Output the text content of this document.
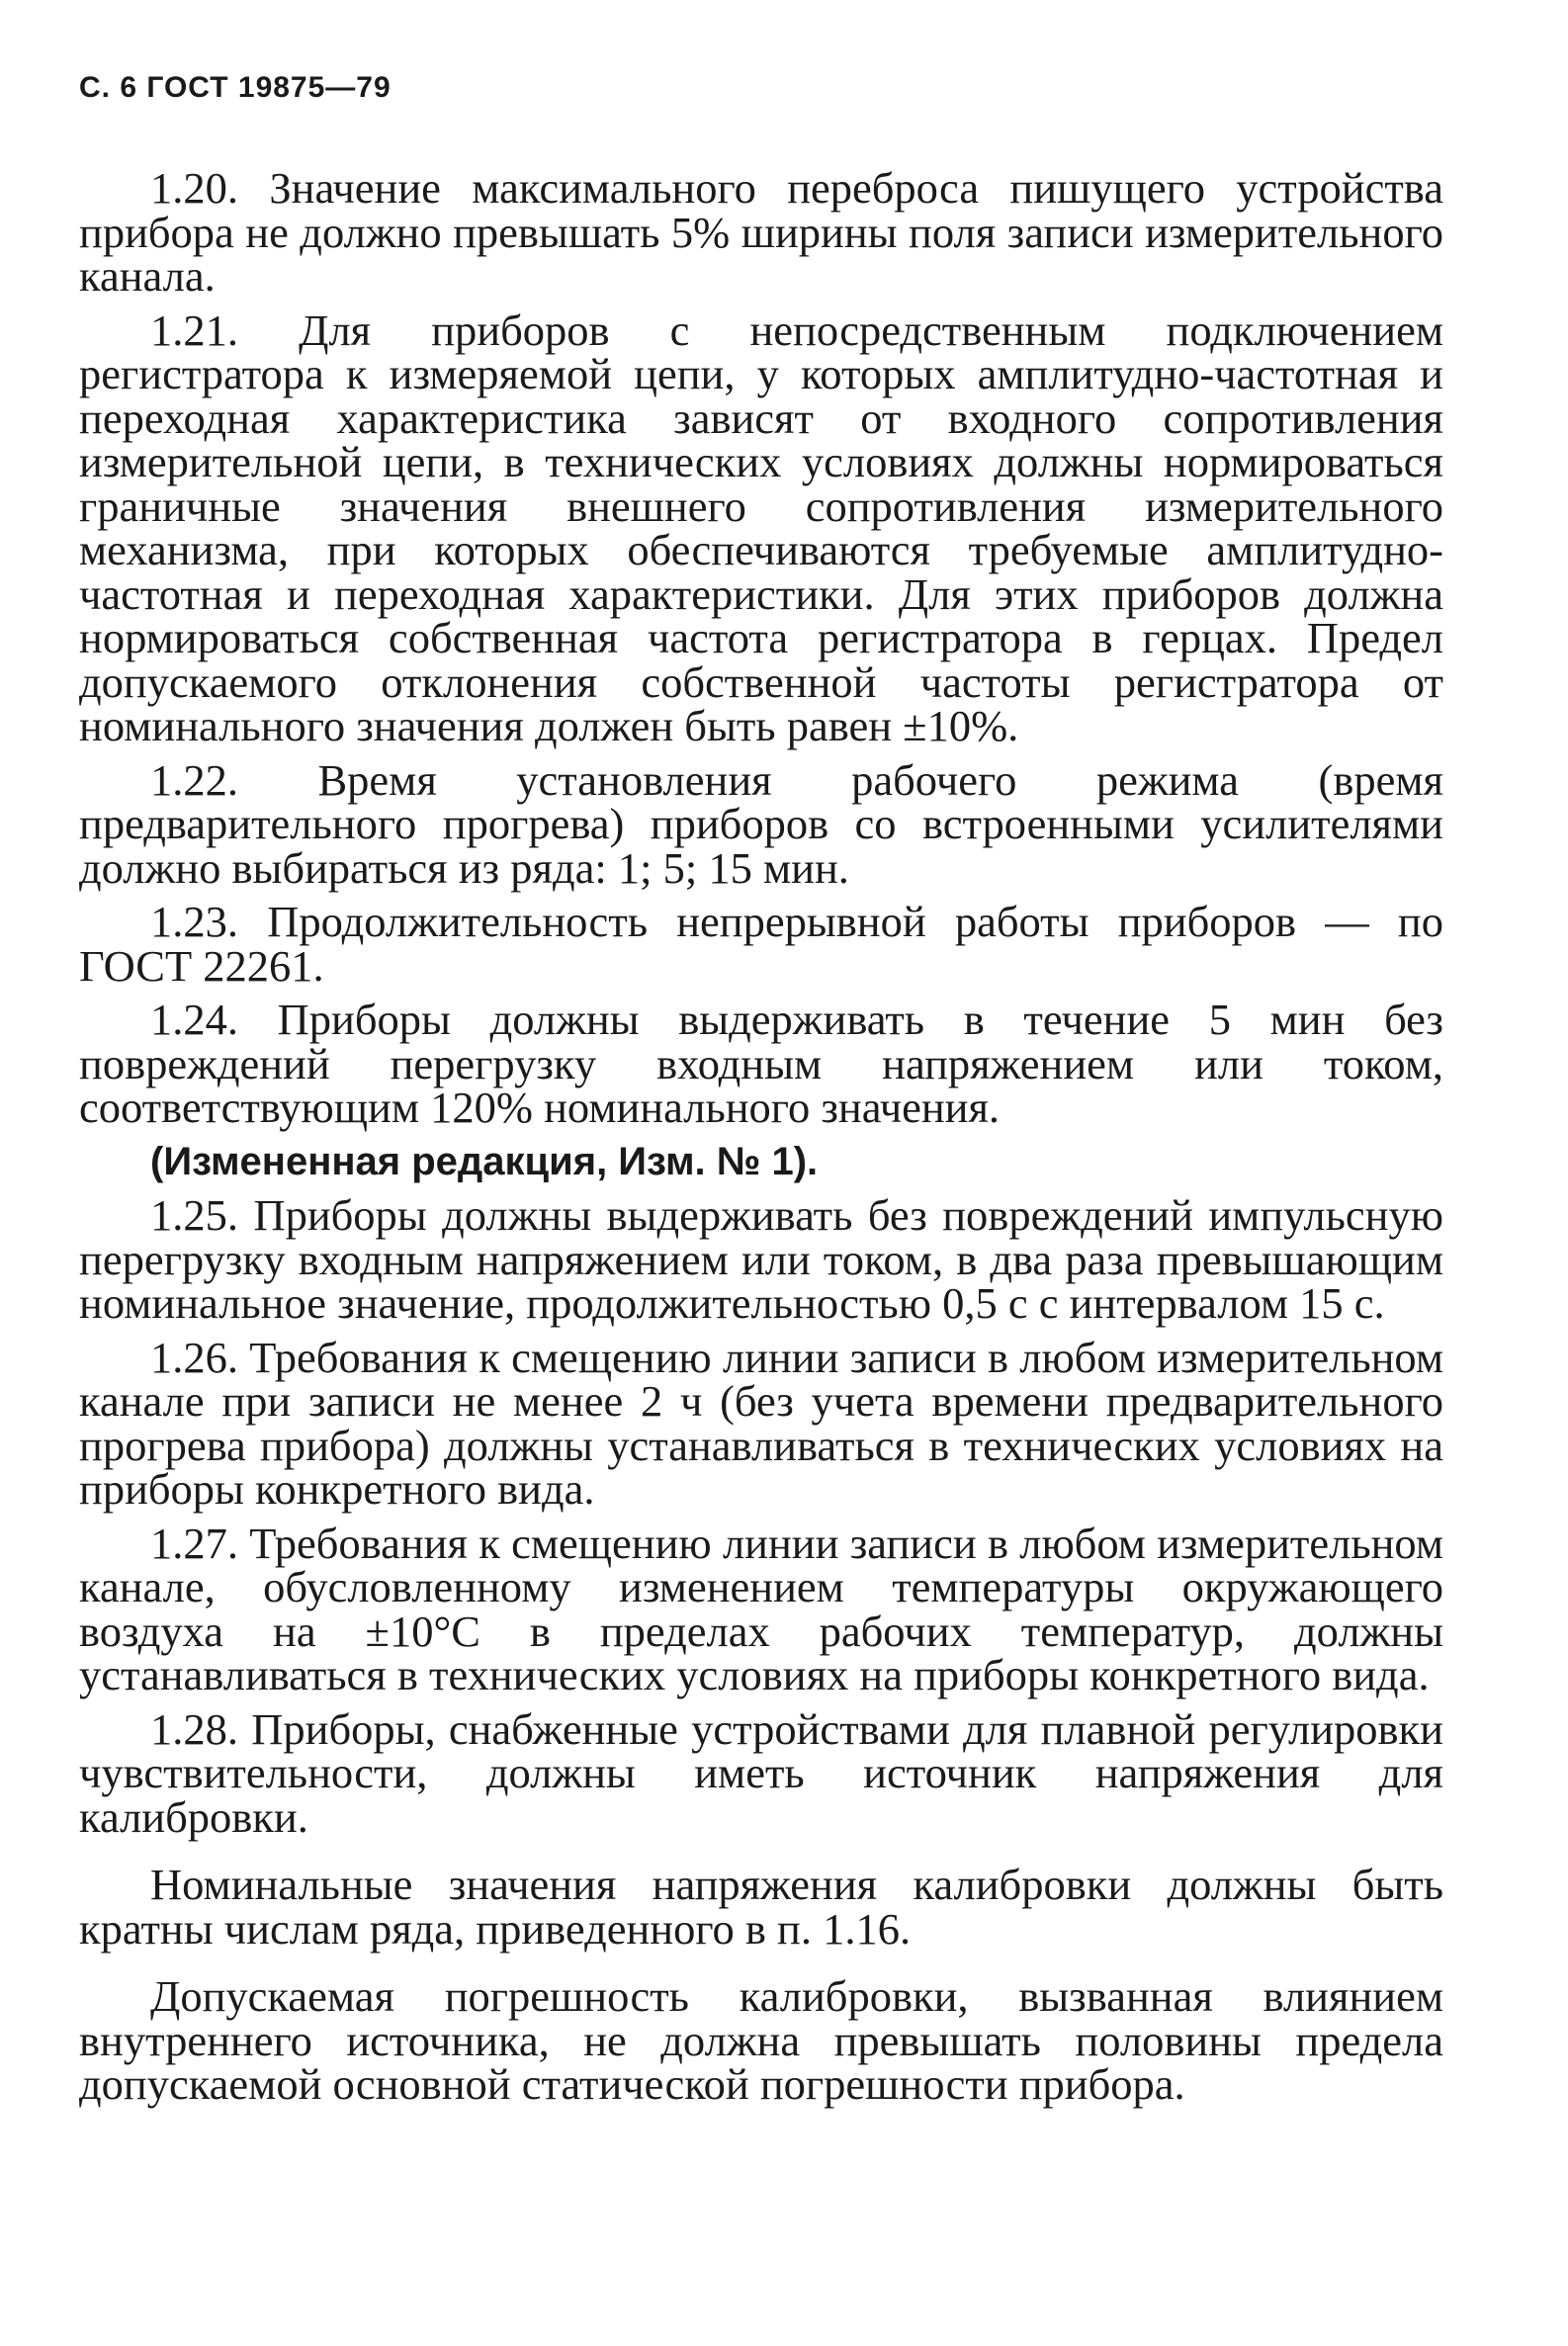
С. 6 ГОСТ 19875—79

1.20. Значение максимального переброса пишущего устройства прибора не должно превышать 5% ширины поля записи измерительного канала.

1.21. Для приборов с непосредственным подключением регистратора к измеряемой цепи, у которых амплитудно-частотная и переходная характеристика зависят от входного сопротивления измерительной цепи, в технических условиях должны нормироваться граничные значения внешнего сопротивления измерительного механизма, при которых обеспечиваются требуемые амплитудно-частотная и переходная характеристики. Для этих приборов должна нормироваться собственная частота регистратора в герцах. Предел допускаемого отклонения собственной частоты регистратора от номинального значения должен быть равен ±10%.

1.22. Время установления рабочего режима (время предварительного прогрева) приборов со встроенными усилителями должно выбираться из ряда: 1; 5; 15 мин.

1.23. Продолжительность непрерывной работы приборов — по ГОСТ 22261.

1.24. Приборы должны выдерживать в течение 5 мин без повреждений перегрузку входным напряжением или током, соответствующим 120% номинального значения.

(Измененная редакция, Изм. № 1).

1.25. Приборы должны выдерживать без повреждений импульсную перегрузку входным напряжением или током, в два раза превышающим номинальное значение, продолжительностью 0,5 с с интервалом 15 с.

1.26. Требования к смещению линии записи в любом измерительном канале при записи не менее 2 ч (без учета времени предварительного прогрева прибора) должны устанавливаться в технических условиях на приборы конкретного вида.

1.27. Требования к смещению линии записи в любом измерительном канале, обусловленному изменением температуры окружающего воздуха на ±10°С в пределах рабочих температур, должны устанавливаться в технических условиях на приборы конкретного вида.

1.28. Приборы, снабженные устройствами для плавной регулировки чувствительности, должны иметь источник напряжения для калибровки.

Номинальные значения напряжения калибровки должны быть кратны числам ряда, приведенного в п. 1.16.

Допускаемая погрешность калибровки, вызванная влиянием внутреннего источника, не должна превышать половины предела допускаемой основной статической погрешности прибора.
